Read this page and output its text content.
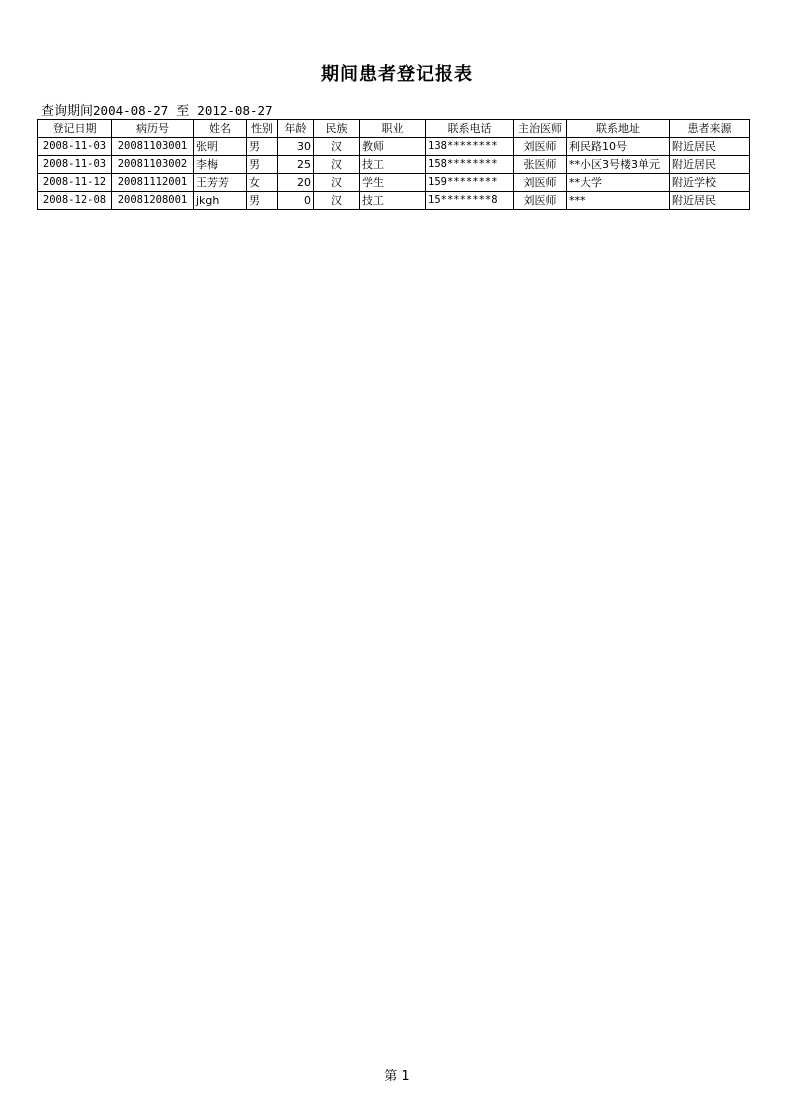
期间患者登记报表
查询期间2004-08-27 至 2012-08-27
登记日期	病历号	姓名	性别	年龄	民族	职业	联系电话	主治医师	联系地址	患者来源
2008-11-03	20081103001	张明	男	30	汉	教师	138********	刘医师	利民路10号	附近居民
2008-11-03	20081103002	李梅	男	25	汉	技工	158********	张医师	**小区3号楼3单元	附近居民
2008-11-12	20081112001	王芳芳	女	20	汉	学生	159********	刘医师	**大学	附近学校
2008-12-08	20081208001	jkgh	男	0	汉	技工	15********8	刘医师	***	附近居民
第 1
